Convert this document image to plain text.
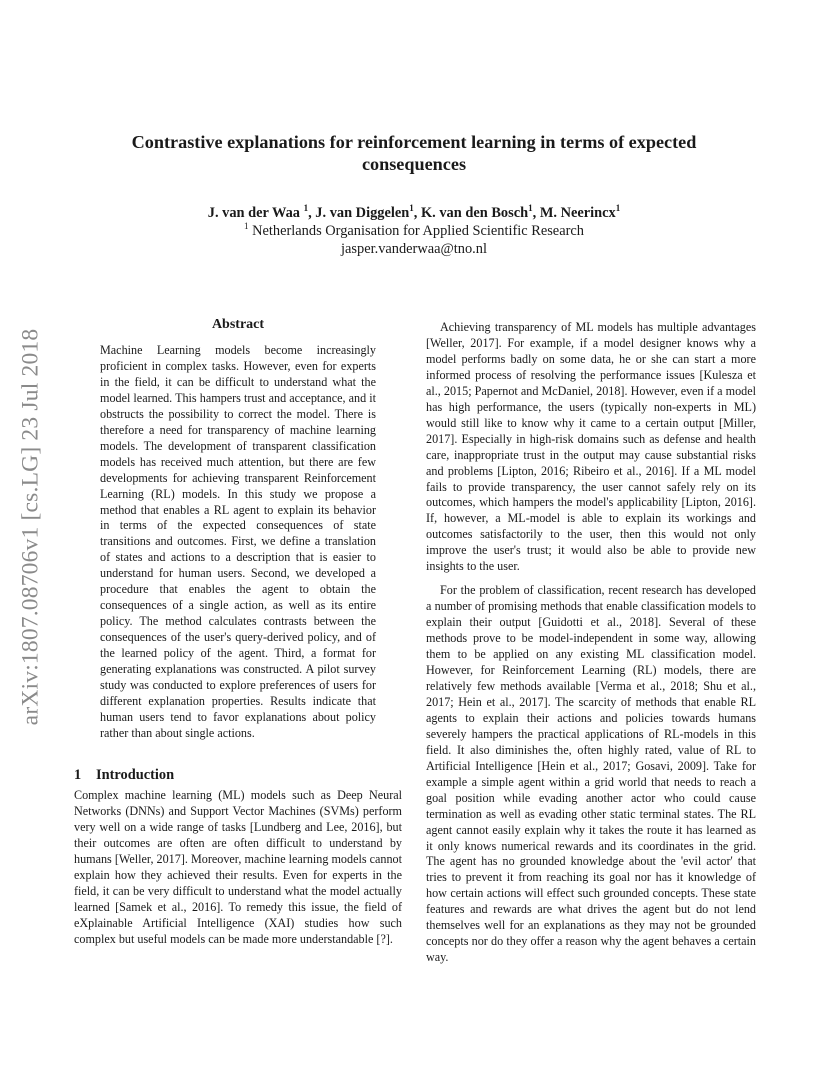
arXiv:1807.08706v1 [cs.LG] 23 Jul 2018
Contrastive explanations for reinforcement learning in terms of expected consequences
J. van der Waa $^1$, J. van Diggelen$^1$, K. van den Bosch$^1$, M. Neerincx$^1$
$^1$ Netherlands Organisation for Applied Scientific Research
jasper.vanderwaa@tno.nl
Abstract

Machine Learning models become increasingly proficient in complex tasks. However, even for experts in the field, it can be difficult to understand what the model learned. This hampers trust and acceptance, and it obstructs the possibility to correct the model. There is therefore a need for transparency of machine learning models. The development of transparent classification models has received much attention, but there are few developments for achieving transparent Reinforcement Learning (RL) models. In this study we propose a method that enables a RL agent to explain its behavior in terms of the expected consequences of state transitions and outcomes. First, we define a translation of states and actions to a description that is easier to understand for human users. Second, we developed a procedure that enables the agent to obtain the consequences of a single action, as well as its entire policy. The method calculates contrasts between the consequences of the user's query-derived policy, and of the learned policy of the agent. Third, a format for generating explanations was constructed. A pilot survey study was conducted to explore preferences of users for different explanation properties. Results indicate that human users tend to favor explanations about policy rather than about single actions.

1 Introduction

Complex machine learning (ML) models such as Deep Neural Networks (DNNs) and Support Vector Machines (SVMs) perform very well on a wide range of tasks [Lundberg and Lee, 2016], but their outcomes are often are often difficult to understand by humans [Weller, 2017]. Moreover, machine learning models cannot explain how they achieved their results. Even for experts in the field, it can be very difficult to understand what the model actually learned [Samek et al., 2016]. To remedy this issue, the field of eXplainable Artificial Intelligence (XAI) studies how such complex but useful models can be made more understandable [?].

Achieving transparency of ML models has multiple advantages [Weller, 2017]. For example, if a model designer knows why a model performs badly on some data, he or she can start a more informed process of resolving the performance issues [Kulesza et al., 2015; Papernot and McDaniel, 2018]. However, even if a model has high performance, the users (typically non-experts in ML) would still like to know why it came to a certain output [Miller, 2017]. Especially in high-risk domains such as defense and health care, inappropriate trust in the output may cause substantial risks and problems [Lipton, 2016; Ribeiro et al., 2016]. If a ML model fails to provide transparency, the user cannot safely rely on its outcomes, which hampers the model's applicability [Lipton, 2016]. If, however, a ML-model is able to explain its workings and outcomes satisfactorily to the user, then this would not only improve the user's trust; it would also be able to provide new insights to the user.

For the problem of classification, recent research has developed a number of promising methods that enable classification models to explain their output [Guidotti et al., 2018]. Several of these methods prove to be model-independent in some way, allowing them to be applied on any existing ML classification model. However, for Reinforcement Learning (RL) models, there are relatively few methods available [Verma et al., 2018; Shu et al., 2017; Hein et al., 2017]. The scarcity of methods that enable RL agents to explain their actions and policies towards humans severely hampers the practical applications of RL-models in this field. It also diminishes the, often highly rated, value of RL to Artificial Intelligence [Hein et al., 2017; Gosavi, 2009]. Take for example a simple agent within a grid world that needs to reach a goal position while evading another actor who could cause termination as well as evading other static terminal states. The RL agent cannot easily explain why it takes the route it has learned as it only knows numerical rewards and its coordinates in the grid. The agent has no grounded knowledge about the 'evil actor' that tries to prevent it from reaching its goal nor has it knowledge of how certain actions will effect such grounded concepts. These state features and rewards are what drives the agent but do not lend themselves well for an explanations as they may not be grounded concepts nor do they offer a reason why the agent behaves a certain way.
